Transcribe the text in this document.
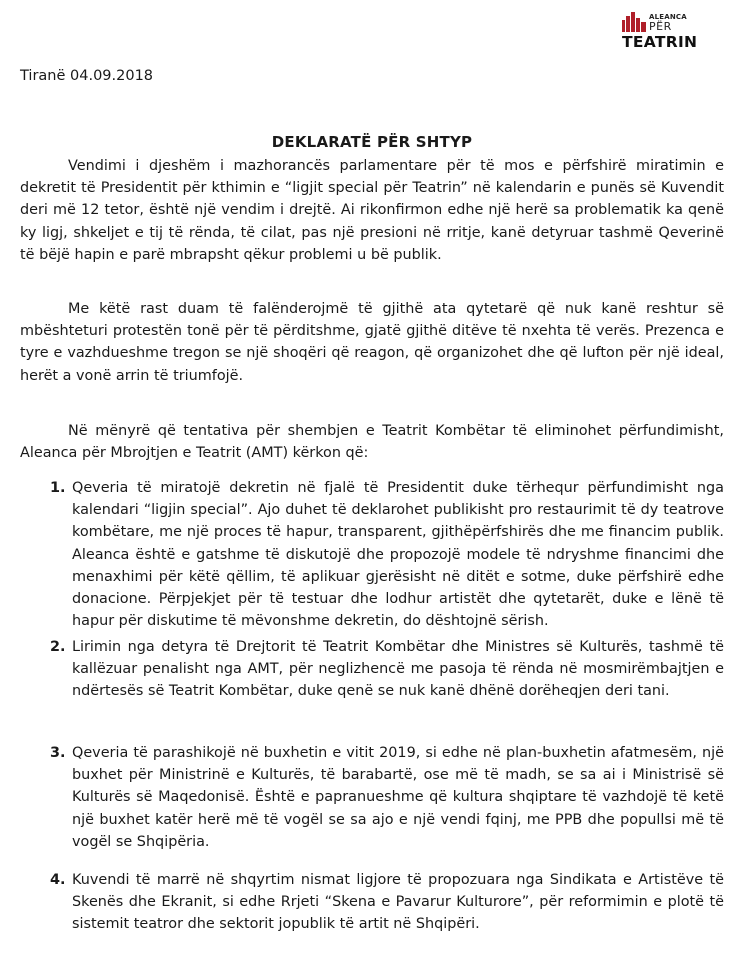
ALEANCA
PËR
TEATRIN
Tiranë 04.09.2018
DEKLARATË PËR SHTYP

Vendimi i djeshëm i mazhorancës parlamentare për të mos e përfshirë miratimin e dekretit të Presidentit për kthimin e “ligjit special për Teatrin” në kalendarin e punës së Kuvendit deri më 12 tetor, është një vendim i drejtë. Ai rikonfirmon edhe një herë sa problematik ka qenë ky ligj, shkeljet e tij të rënda, të cilat, pas një presioni në rritje, kanë detyruar tashmë Qeverinë të bëjë hapin e parë mbrapsht qëkur problemi u bë publik.

Me këtë rast duam të falënderojmë të gjithë ata qytetarë që nuk kanë reshtur së mbështeturi protestën tonë për të përditshme, gjatë gjithë ditëve të nxehta të verës. Prezenca e tyre e vazhdueshme tregon se një shoqëri që reagon, që organizohet dhe që lufton për një ideal, herët a vonë arrin të triumfojë.

Në mënyrë që tentativa për shembjen e Teatrit Kombëtar të eliminohet përfundimisht, Aleanca për Mbrojtjen e Teatrit (AMT) kërkon që:

1. Qeveria të miratojë dekretin në fjalë të Presidentit duke tërhequr përfundimisht nga kalendari “ligjin special”. Ajo duhet të deklarohet publikisht pro restaurimit të dy teatrove kombëtare, me një proces të hapur, transparent, gjithëpërfshirës dhe me financim publik. Aleanca është e gatshme të diskutojë dhe propozojë modele të ndryshme financimi dhe menaxhimi për këtë qëllim, të aplikuar gjerësisht në ditët e sotme, duke përfshirë edhe donacione. Përpjekjet për të testuar dhe lodhur artistët dhe qytetarët, duke e lënë të hapur për diskutime të mëvonshme dekretin, do dështojnë sërish.

2. Lirimin nga detyra të Drejtorit të Teatrit Kombëtar dhe Ministres së Kulturës, tashmë të kallëzuar penalisht nga AMT, për neglizhencë me pasoja të rënda në mosmirëmbajtjen e ndërtesës së Teatrit Kombëtar, duke qenë se nuk kanë dhënë dorëheqjen deri tani.

3. Qeveria të parashikojë në buxhetin e vitit 2019, si edhe në plan-buxhetin afatmesëm, një buxhet për Ministrinë e Kulturës, të barabartë, ose më të madh, se sa ai i Ministrisë së Kulturës së Maqedonisë. Është e papranueshme që kultura shqiptare të vazhdojë të ketë një buxhet katër herë më të vogël se sa ajo e një vendi fqinj, me PPB dhe popullsi më të vogël se Shqipëria.

4. Kuvendi të marrë në shqyrtim nismat ligjore të propozuara nga Sindikata e Artistëve të Skenës dhe Ekranit, si edhe Rrjeti “Skena e Pavarur Kulturore”, për reformimin e plotë të sistemit teatror dhe sektorit jopublik të artit në Shqipëri.
